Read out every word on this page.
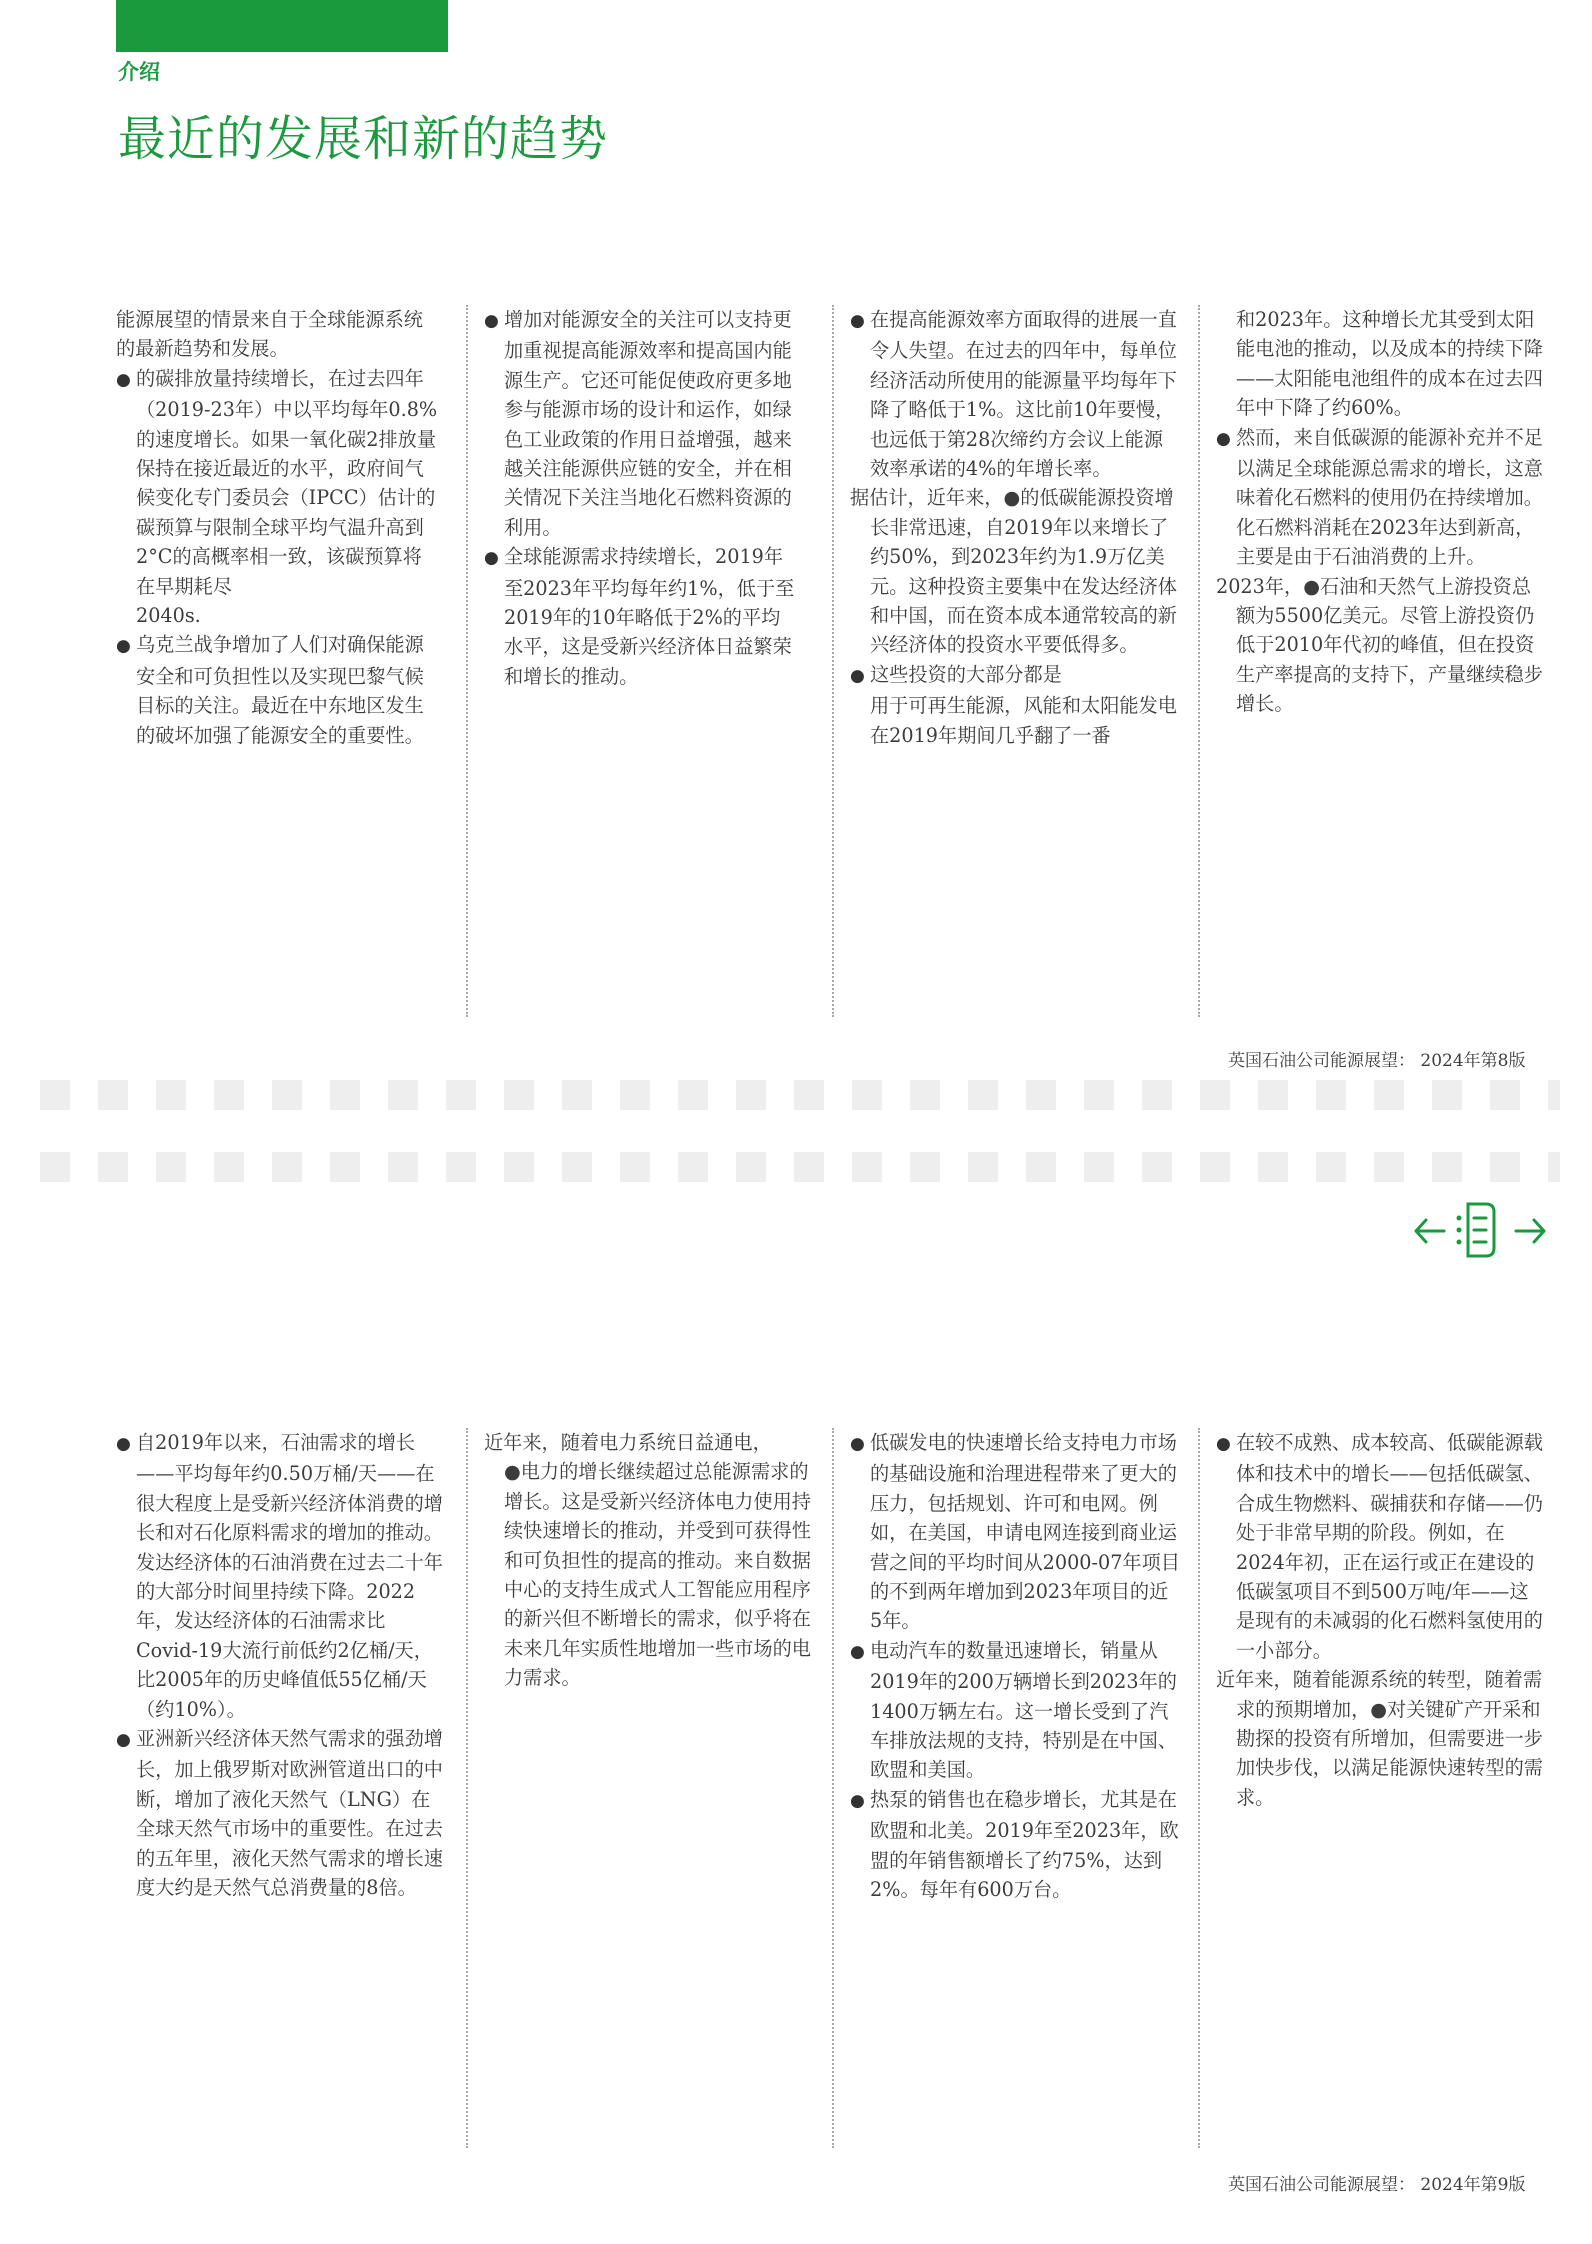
介绍
最近的发展和新的趋势

能源展望的情景来自于全球能源系统的最新趋势和发展。

● 的碳排放量持续增长，在过去四年（2019-23年）中以平均每年0.8%的速度增长。如果一氧化碳2排放量保持在接近最近的水平，政府间气候变化专门委员会（IPCC）估计的碳预算与限制全球平均气温升高到2°C的高概率相一致，该碳预算将在早期耗尽

2040s.

● 乌克兰战争增加了人们对确保能源安全和可负担性以及实现巴黎气候目标的关注。最近在中东地区发生的破坏加强了能源安全的重要性。

● 增加对能源安全的关注可以支持更加重视提高能源效率和提高国内能源生产。它还可能促使政府更多地参与能源市场的设计和运作，如绿色工业政策的作用日益增强，越来越关注能源供应链的安全，并在相关情况下关注当地化石燃料资源的利用。

● 全球能源需求持续增长，2019年至2023年平均每年约1%，低于至2019年的10年略低于2%的平均水平，这是受新兴经济体日益繁荣和增长的推动。

● 在提高能源效率方面取得的进展一直令人失望。在过去的四年中，每单位经济活动所使用的能源量平均每年下降了略低于1%。这比前10年要慢，也远低于第28次缔约方会议上能源效率承诺的4%的年增长率。

据估计，近年来，●的低碳能源投资增长非常迅速，自2019年以来增长了约50%，到2023年约为1.9万亿美元。这种投资主要集中在发达经济体和中国，而在资本成本通常较高的新兴经济体的投资水平要低得多。

● 这些投资的大部分都是

用于可再生能源，风能和太阳能发电在2019年期间几乎翻了一番

和2023年。这种增长尤其受到太阳能电池的推动，以及成本的持续下降——太阳能电池组件的成本在过去四年中下降了约60%。

● 然而，来自低碳源的能源补充并不足以满足全球能源总需求的增长，这意味着化石燃料的使用仍在持续增加。化石燃料消耗在2023年达到新高，主要是由于石油消费的上升。

2023年，●石油和天然气上游投资总额为5500亿美元。尽管上游投资仍低于2010年代初的峰值，但在投资生产率提高的支持下，产量继续稳步增长。

英国石油公司能源展望： 2024年第8版

● 自2019年以来，石油需求的增长——平均每年约0.50万桶/天——在很大程度上是受新兴经济体消费的增长和对石化原料需求的增加的推动。发达经济体的石油消费在过去二十年的大部分时间里持续下降。2022年，发达经济体的石油需求比Covid-19大流行前低约2亿桶/天，比2005年的历史峰值低55亿桶/天（约10%）。

● 亚洲新兴经济体天然气需求的强劲增长，加上俄罗斯对欧洲管道出口的中断，增加了液化天然气（LNG）在全球天然气市场中的重要性。在过去的五年里，液化天然气需求的增长速度大约是天然气总消费量的8倍。

近年来，随着电力系统日益通电，

●电力的增长继续超过总能源需求的增长。这是受新兴经济体电力使用持续快速增长的推动，并受到可获得性和可负担性的提高的推动。来自数据中心的支持生成式人工智能应用程序的新兴但不断增长的需求，似乎将在未来几年实质性地增加一些市场的电力需求。

● 低碳发电的快速增长给支持电力市场的基础设施和治理进程带来了更大的压力，包括规划、许可和电网。例如，在美国，申请电网连接到商业运营之间的平均时间从2000-07年项目的不到两年增加到2023年项目的近5年。

● 电动汽车的数量迅速增长，销量从2019年的200万辆增长到2023年的1400万辆左右。这一增长受到了汽车排放法规的支持，特别是在中国、欧盟和美国。

● 热泵的销售也在稳步增长，尤其是在欧盟和北美。2019年至2023年，欧盟的年销售额增长了约75%，达到2%。每年有600万台。

● 在较不成熟、成本较高、低碳能源载体和技术中的增长——包括低碳氢、合成生物燃料、碳捕获和存储——仍处于非常早期的阶段。例如，在2024年初，正在运行或正在建设的低碳氢项目不到500万吨/年——这是现有的未减弱的化石燃料氢使用的一小部分。

近年来，随着能源系统的转型，随着需求的预期增加，●对关键矿产开采和勘探的投资有所增加，但需要进一步加快步伐，以满足能源快速转型的需求。

英国石油公司能源展望： 2024年第9版
